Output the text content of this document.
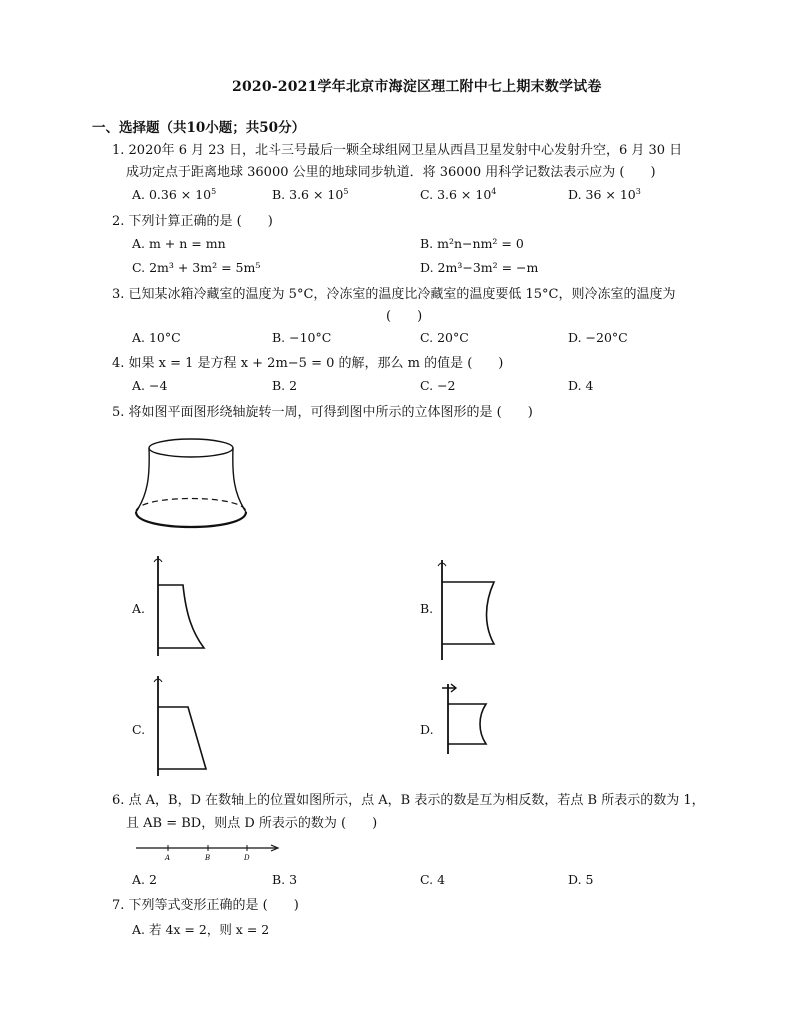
2020-2021学年北京市海淀区理工附中七上期末数学试卷
一、选择题（共10小题；共50分）
1. 2020年 6 月 23 日，北斗三号最后一颗全球组网卫星从西昌卫星发射中心发射升空，6 月 30 日
成功定点于距离地球 36000 公里的地球同步轨道．将 36000 用科学记数法表示应为 (　　)
A. $0.36 \times 10^5$	B. $3.6 \times 10^5$	C. $3.6 \times 10^4$	D. $36 \times 10^3$
2. 下列计算正确的是 (　　)
A. m + n = mn	B. m²n−nm² = 0
C. 2m³ + 3m² = 5m⁵	D. 2m³−3m² = −m
3. 已知某冰箱冷藏室的温度为 5°C，冷冻室的温度比冷藏室的温度要低 15°C，则冷冻室的温度为
(　　)
A. 10°C	B. −10°C	C. 20°C	D. −20°C
4. 如果 x = 1 是方程 x + 2m−5 = 0 的解，那么 m 的值是 (　　)
A. −4	B. 2	C. −2	D. 4
5. 将如图平面图形绕轴旋转一周，可得到图中所示的立体图形的是 (　　)
A.	B.
C.	D.
6. 点 A，B，D 在数轴上的位置如图所示，点 A，B 表示的数是互为相反数，若点 B 所表示的数为 1，
且 AB = BD，则点 D 所表示的数为 (　　)
A	B	D
A. 2	B. 3	C. 4	D. 5
7. 下列等式变形正确的是 (　　)
A. 若 4x = 2，则 x = 2
